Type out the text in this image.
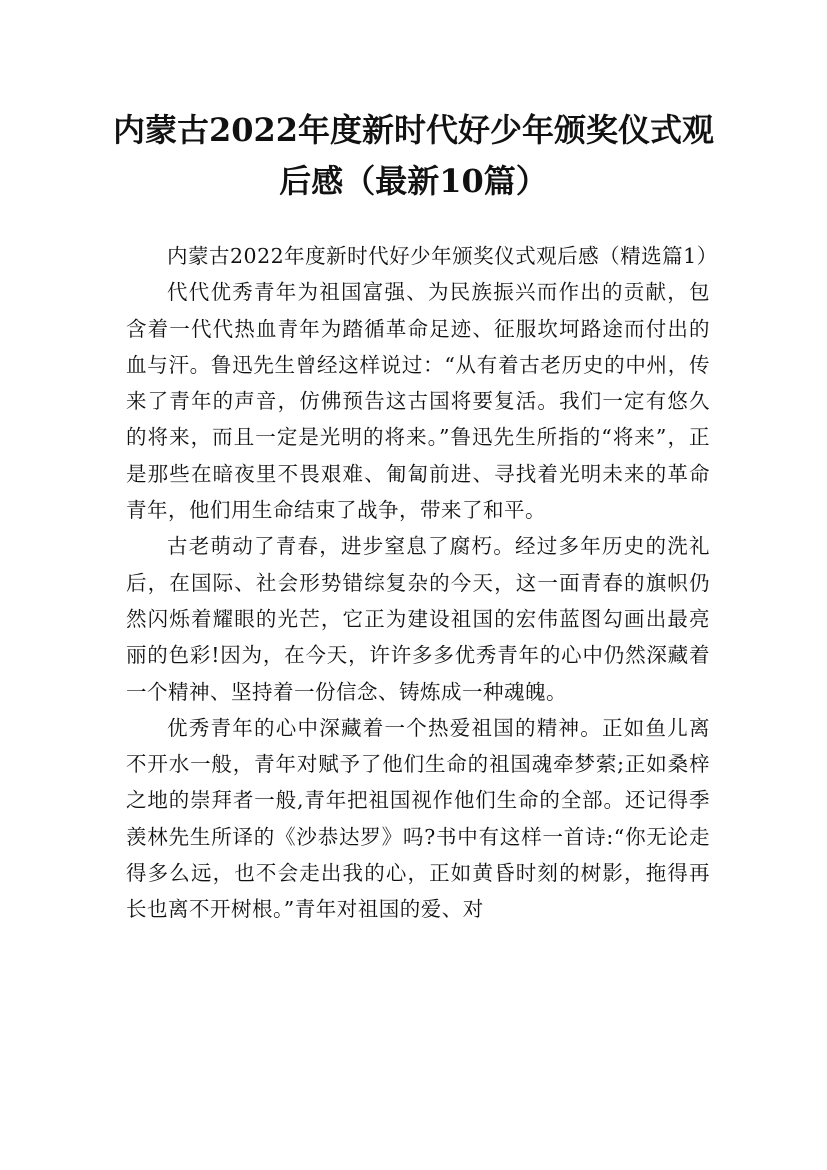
内蒙古2022年度新时代好少年颁奖仪式观
后感（最新10篇）

内蒙古2022年度新时代好少年颁奖仪式观后感（精选篇1）

代代优秀青年为祖国富强、为民族振兴而作出的贡献，包含着一代代热血青年为踏循革命足迹、征服坎坷路途而付出的血与汗。鲁迅先生曾经这样说过：“从有着古老历史的中州，传来了青年的声音，仿佛预告这古国将要复活。我们一定有悠久的将来，而且一定是光明的将来。”鲁迅先生所指的“将来”，正是那些在暗夜里不畏艰难、匍匐前进、寻找着光明未来的革命青年，他们用生命结束了战争，带来了和平。

古老萌动了青春，进步窒息了腐朽。经过多年历史的洗礼后，在国际、社会形势错综复杂的今天，这一面青春的旗帜仍然闪烁着耀眼的光芒，它正为建设祖国的宏伟蓝图勾画出最亮丽的色彩!因为，在今天，许许多多优秀青年的心中仍然深藏着一个精神、坚持着一份信念、铸炼成一种魂魄。

优秀青年的心中深藏着一个热爱祖国的精神。正如鱼儿离不开水一般，青年对赋予了他们生命的祖国魂牵梦萦;正如桑梓之地的崇拜者一般,青年把祖国视作他们生命的全部。还记得季羡林先生所译的《沙恭达罗》吗?书中有这样一首诗:“你无论走得多么远，也不会走出我的心，正如黄昏时刻的树影，拖得再长也离不开树根。”青年对祖国的爱、对
